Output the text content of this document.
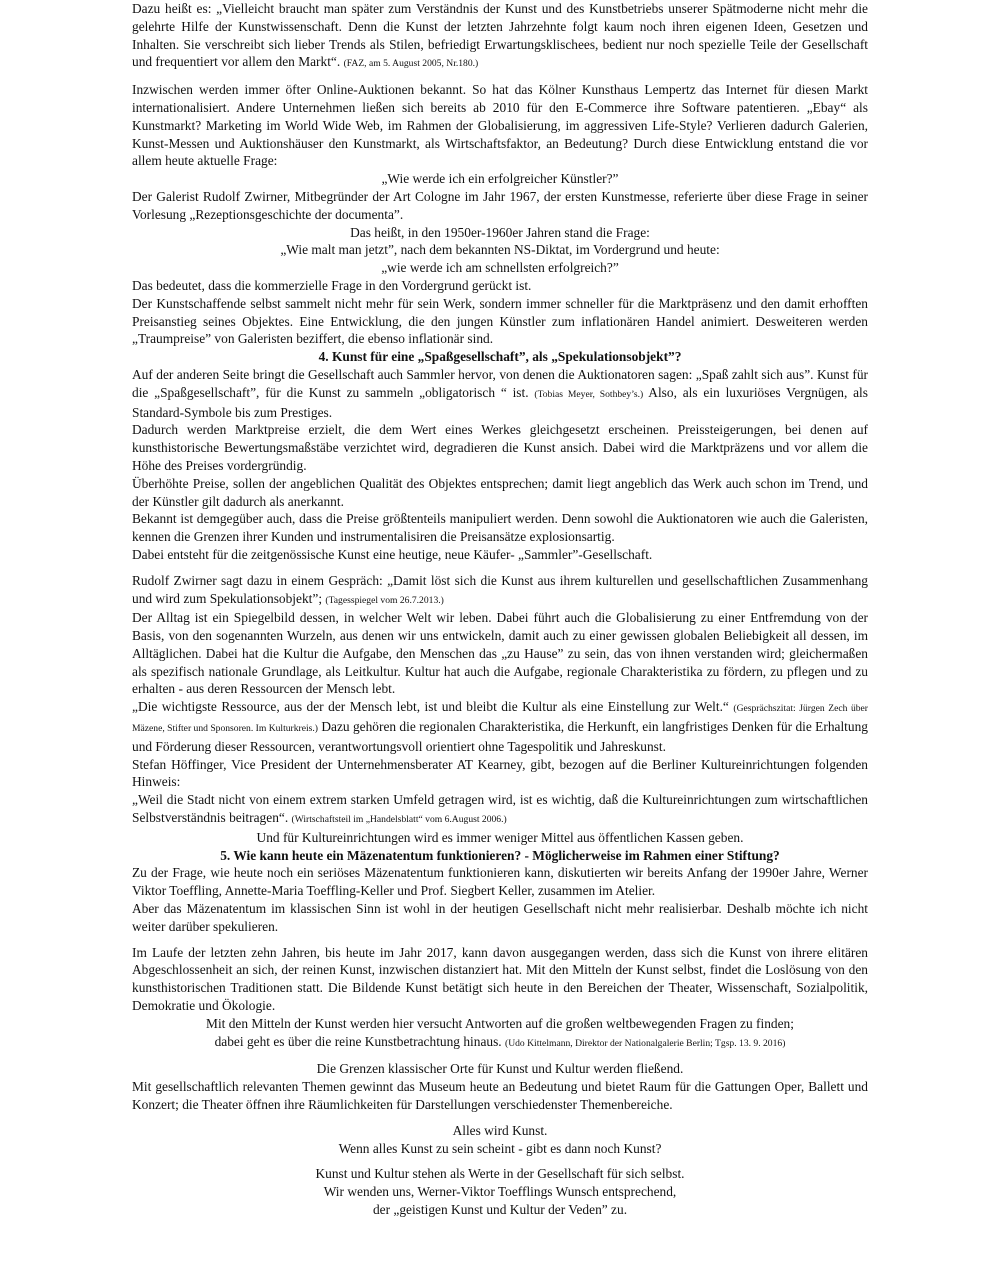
Dazu heißt es: „Vielleicht braucht man später zum Verständnis der Kunst und des Kunstbetriebs unserer Spätmoderne nicht mehr die gelehrte Hilfe der Kunstwissenschaft. Denn die Kunst der letzten Jahrzehnte folgt kaum noch ihren eigenen Ideen, Gesetzen und Inhalten. Sie verschreibt sich lieber Trends als Stilen, befriedigt Erwartungsklischees, bedient nur noch spezielle Teile der Gesellschaft und frequentiert vor allem den Markt“. (FAZ, am 5. August 2005, Nr.180.)

Inzwischen werden immer öfter Online-Auktionen bekannt. So hat das Kölner Kunsthaus Lempertz das Internet für diesen Markt internationalisiert. Andere Unternehmen ließen sich bereits ab 2010 für den E-Commerce ihre Software patentieren. „Ebay“ als Kunstmarkt? Marketing im World Wide Web, im Rahmen der Globalisierung, im aggressiven Life-Style? Verlieren dadurch Galerien, Kunst-Messen und Auktionshäuser den Kunstmarkt, als Wirtschaftsfaktor, an Bedeutung? Durch diese Entwicklung entstand die vor allem heute aktuelle Frage:

„Wie werde ich ein erfolgreicher Künstler?”

Der Galerist Rudolf Zwirner, Mitbegründer der Art Cologne im Jahr 1967, der ersten Kunstmesse, referierte über diese Frage in seiner Vorlesung „Rezeptionsgeschichte der documenta”.

Das heißt, in den 1950er-1960er Jahren stand die Frage:

„Wie malt man jetzt”, nach dem bekannten NS-Diktat, im Vordergrund und heute:

„wie werde ich am schnellsten erfolgreich?”

Das bedeutet, dass die kommerzielle Frage in den Vordergrund gerückt ist.

Der Kunstschaffende selbst sammelt nicht mehr für sein Werk, sondern immer schneller für die Marktpräsenz und den damit erhofften Preisanstieg seines Objektes. Eine Entwicklung, die den jungen Künstler zum inflationären Handel animiert. Desweiteren werden „Traumpreise” von Galeristen beziffert, die ebenso inflationär sind.

4. Kunst für eine „Spaßgesellschaft”, als „Spekulationsobjekt”?

Auf der anderen Seite bringt die Gesellschaft auch Sammler hervor, von denen die Auktionatoren sagen: „Spaß zahlt sich aus”. Kunst für die „Spaßgesellschaft”, für die Kunst zu sammeln „obligatorisch “ ist. (Tobias Meyer, Sothbey’s.) Also, als ein luxuriöses Vergnügen, als Standard-Symbole bis zum Prestiges.

Dadurch werden Marktpreise erzielt, die dem Wert eines Werkes gleichgesetzt erscheinen. Preissteigerungen, bei denen auf kunsthistorische Bewertungsmaßstäbe verzichtet wird, degradieren die Kunst ansich. Dabei wird die Marktpräzens und vor allem die Höhe des Preises vordergründig.

Überhöhte Preise, sollen der angeblichen Qualität des Objektes entsprechen; damit liegt angeblich das Werk auch schon im Trend, und der Künstler gilt dadurch als anerkannt.

Bekannt ist demgegüber auch, dass die Preise größtenteils manipuliert werden. Denn sowohl die Auktionatoren wie auch die Galeristen, kennen die Grenzen ihrer Kunden und instrumentalisiren die Preisansätze explosionsartig.

Dabei entsteht für die zeitgenössische Kunst eine heutige, neue Käufer- „Sammler”-Gesellschaft.

Rudolf Zwirner sagt dazu in einem Gespräch: „Damit löst sich die Kunst aus ihrem kulturellen und gesellschaftlichen Zusammenhang und wird zum Spekulationsobjekt”; (Tagesspiegel vom 26.7.2013.)

Der Alltag ist ein Spiegelbild dessen, in welcher Welt wir leben. Dabei führt auch die Globalisierung zu einer Entfremdung von der Basis, von den sogenannten Wurzeln, aus denen wir uns entwickeln, damit auch zu einer gewissen globalen Beliebigkeit all dessen, im Alltäglichen. Dabei hat die Kultur die Aufgabe, den Menschen das „zu Hause” zu sein, das von ihnen verstanden wird; gleichermaßen als spezifisch nationale Grundlage, als Leitkultur. Kultur hat auch die Aufgabe, regionale Charakteristika zu fördern, zu pflegen und zu erhalten - aus deren Ressourcen der Mensch lebt.

„Die wichtigste Ressource, aus der der Mensch lebt, ist und bleibt die Kultur als eine Einstellung zur Welt.“ (Gesprächszitat: Jürgen Zech über Mäzene, Stifter und Sponsoren. Im Kulturkreis.) Dazu gehören die regionalen Charakteristika, die Herkunft, ein langfristiges Denken für die Erhaltung und Förderung dieser Ressourcen, verantwortungsvoll orientiert ohne Tagespolitik und Jahreskunst.

Stefan Höffinger, Vice President der Unternehmensberater AT Kearney, gibt, bezogen auf die Berliner Kultureinrichtungen folgenden Hinweis:

„Weil die Stadt nicht von einem extrem starken Umfeld getragen wird, ist es wichtig, daß die Kultureinrichtungen zum wirtschaftlichen Selbstverständnis beitragen“. (Wirtschaftsteil im „Handelsblatt“ vom 6.August 2006.)

Und für Kultureinrichtungen wird es immer weniger Mittel aus öffentlichen Kassen geben.

5. Wie kann heute ein Mäzenatentum funktionieren? - Möglicherweise im Rahmen einer Stiftung?

Zu der Frage, wie heute noch ein seriöses Mäzenatentum funktionieren kann, diskutierten wir bereits Anfang der 1990er Jahre, Werner Viktor Toeffling, Annette-Maria Toeffling-Keller und Prof. Siegbert Keller, zusammen im Atelier.

Aber das Mäzenatentum im klassischen Sinn ist wohl in der heutigen Gesellschaft nicht mehr realisierbar. Deshalb möchte ich nicht weiter darüber spekulieren.

Im Laufe der letzten zehn Jahren, bis heute im Jahr 2017, kann davon ausgegangen werden, dass sich die Kunst von ihrere elitären Abgeschlossenheit an sich, der reinen Kunst, inzwischen distanziert hat. Mit den Mitteln der Kunst selbst, findet die Loslösung von den kunsthistorischen Traditionen statt. Die Bildende Kunst betätigt sich heute in den Bereichen der Theater, Wissenschaft, Sozialpolitik, Demokratie und Ökologie.

Mit den Mitteln der Kunst werden hier versucht Antworten auf die großen weltbewegenden Fragen zu finden;

dabei geht es über die reine Kunstbetrachtung hinaus. (Udo Kittelmann, Direktor der Nationalgalerie Berlin; Tgsp. 13. 9. 2016)

Die Grenzen klassischer Orte für Kunst und Kultur werden fließend.

Mit gesellschaftlich relevanten Themen gewinnt das Museum heute an Bedeutung und bietet Raum für die Gattungen Oper, Ballett und Konzert; die Theater öffnen ihre Räumlichkeiten für Darstellungen verschiedenster Themenbereiche.

Alles wird Kunst.

Wenn alles Kunst zu sein scheint - gibt es dann noch Kunst?

Kunst und Kultur stehen als Werte in der Gesellschaft für sich selbst.

Wir wenden uns, Werner-Viktor Toefflings Wunsch entsprechend,

der „geistigen Kunst und Kultur der Veden” zu.
